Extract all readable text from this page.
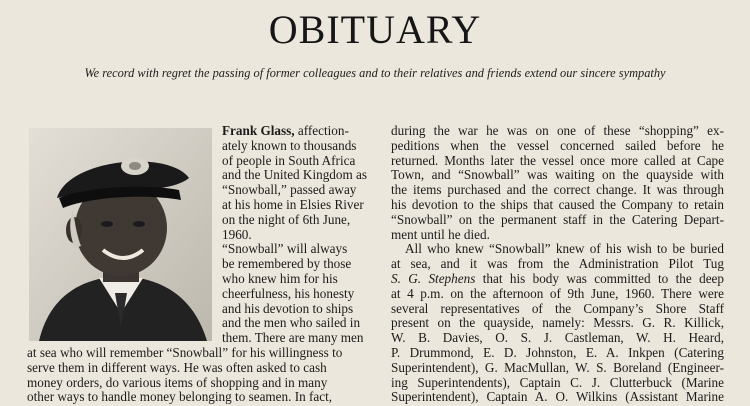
OBITUARY
We record with regret the passing of former colleagues and to their relatives and friends extend our sincere sympathy

Frank Glass, affection-
ately known to thousands
of people in South Africa
and the United Kingdom as
“Snowball,” passed away
at his home in Elsies River
on the night of 6th June,
1960.

“Snowball” will always
be remembered by those
who knew him for his
cheerfulness, his honesty
and his devotion to ships
and the men who sailed in
them. There are many men
at sea who will remember “Snowball” for his willingness to
serve them in different ways. He was often asked to cash
money orders, do various items of shopping and in many
other ways to handle money belonging to seamen. In fact,

during the war he was on one of these “shopping” ex-
peditions when the vessel concerned sailed before he
returned. Months later the vessel once more called at Cape
Town, and “Snowball” was waiting on the quayside with
the items purchased and the correct change. It was through
his devotion to the ships that caused the Company to retain
“Snowball” on the permanent staff in the Catering Depart-
ment until he died.

All who knew “Snowball” knew of his wish to be buried
at sea, and it was from the Administration Pilot Tug
S. G. Stephens that his body was committed to the deep
at 4 p.m. on the afternoon of 9th June, 1960. There were
several representatives of the Company’s Shore Staff
present on the quayside, namely: Messrs. G. R. Killick,
W. B. Davies, O. S. J. Castleman, W. H. Heard,
P. Drummond, E. D. Johnston, E. A. Inkpen (Catering
Superintendent), G. MacMullan, W. S. Boreland (Engineer-
ing Superintendents), Captain C. J. Clutterbuck (Marine
Superintendent), Captain A. O. Wilkins (Assistant Marine
